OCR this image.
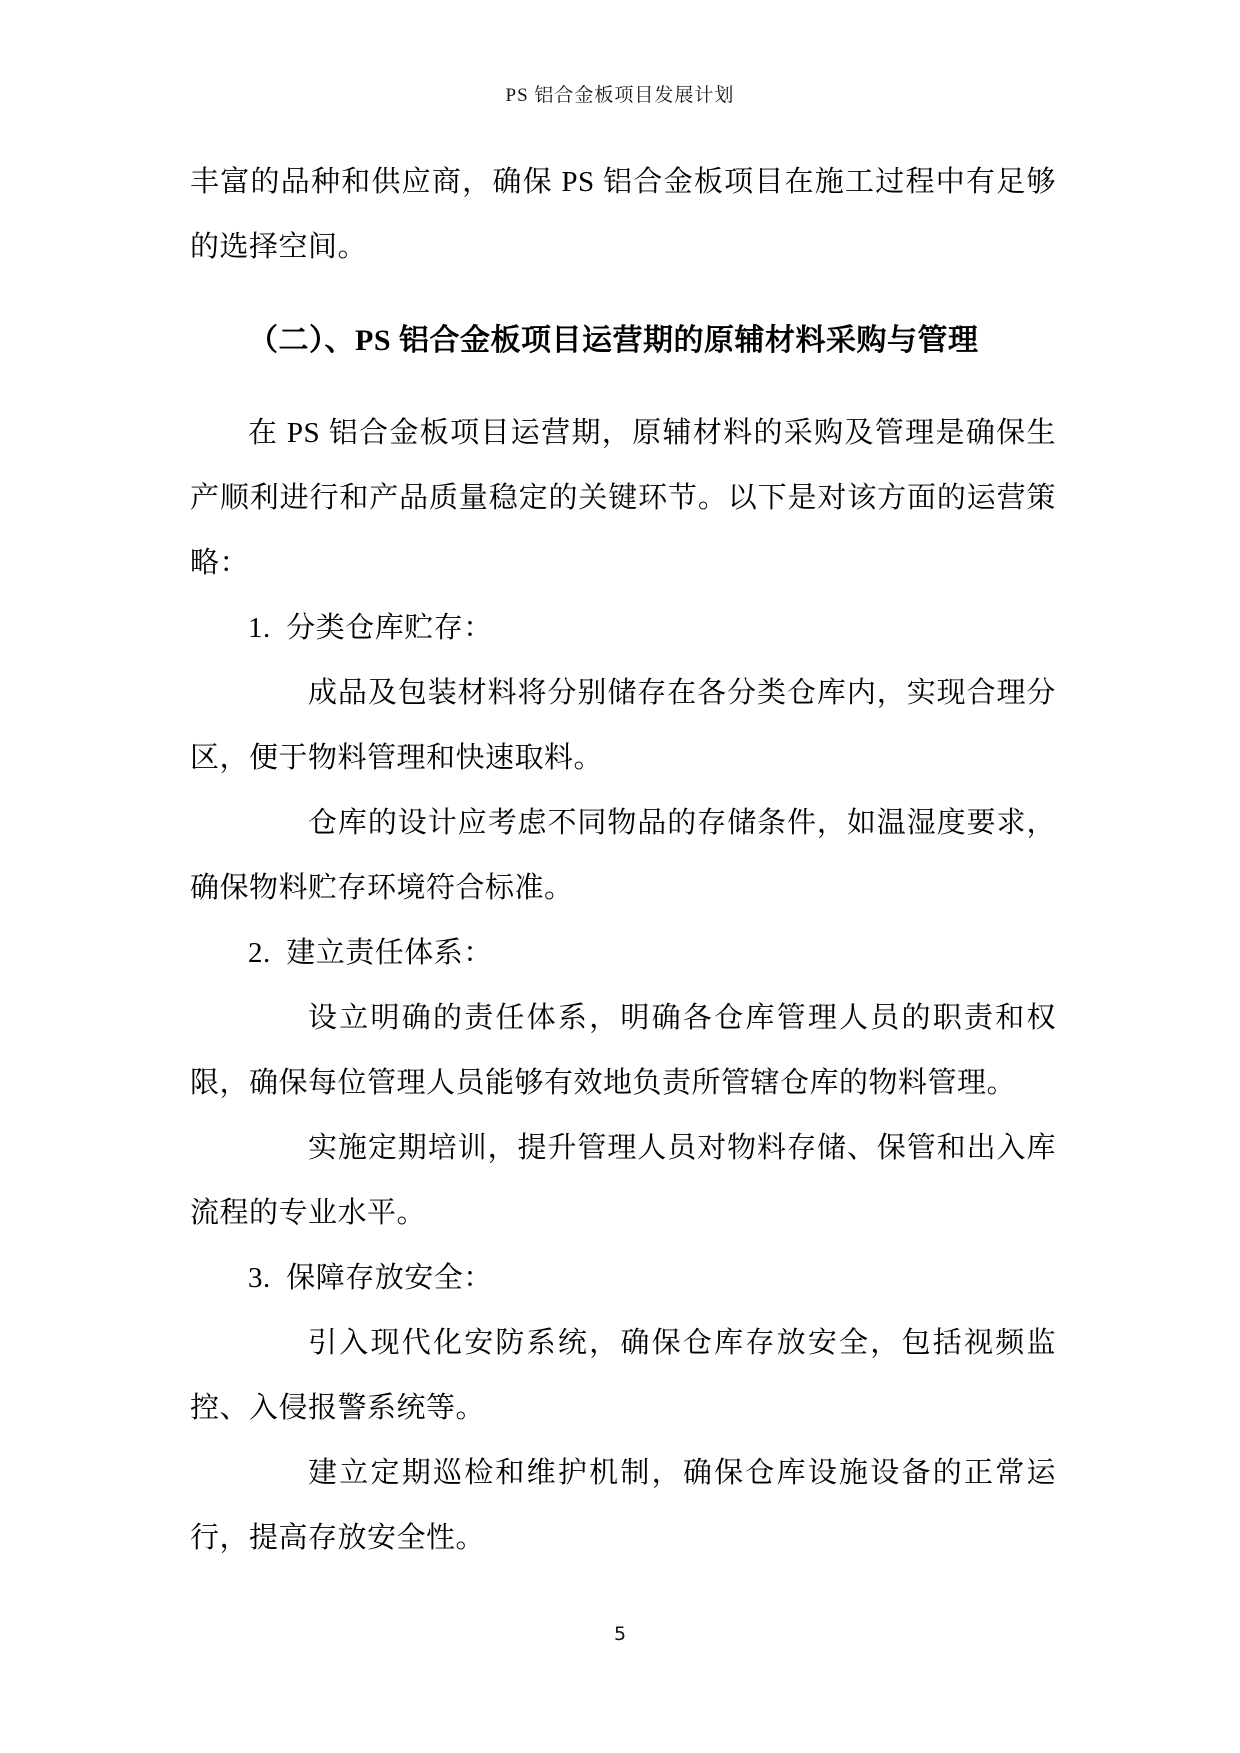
PS 铝合金板项目发展计划
丰富的品种和供应商，确保 PS 铝合金板项目在施工过程中有足够的选择空间。
（二）、PS 铝合金板项目运营期的原辅材料采购与管理
在 PS 铝合金板项目运营期，原辅材料的采购及管理是确保生产顺利进行和产品质量稳定的关键环节。以下是对该方面的运营策略：
1.  分类仓库贮存：
成品及包装材料将分别储存在各分类仓库内，实现合理分区，便于物料管理和快速取料。
仓库的设计应考虑不同物品的存储条件，如温湿度要求，确保物料贮存环境符合标准。
2.  建立责任体系：
设立明确的责任体系，明确各仓库管理人员的职责和权限，确保每位管理人员能够有效地负责所管辖仓库的物料管理。
实施定期培训，提升管理人员对物料存储、保管和出入库流程的专业水平。
3.  保障存放安全：
引入现代化安防系统，确保仓库存放安全，包括视频监控、入侵报警系统等。
建立定期巡检和维护机制，确保仓库设施设备的正常运行，提高存放安全性。
5
